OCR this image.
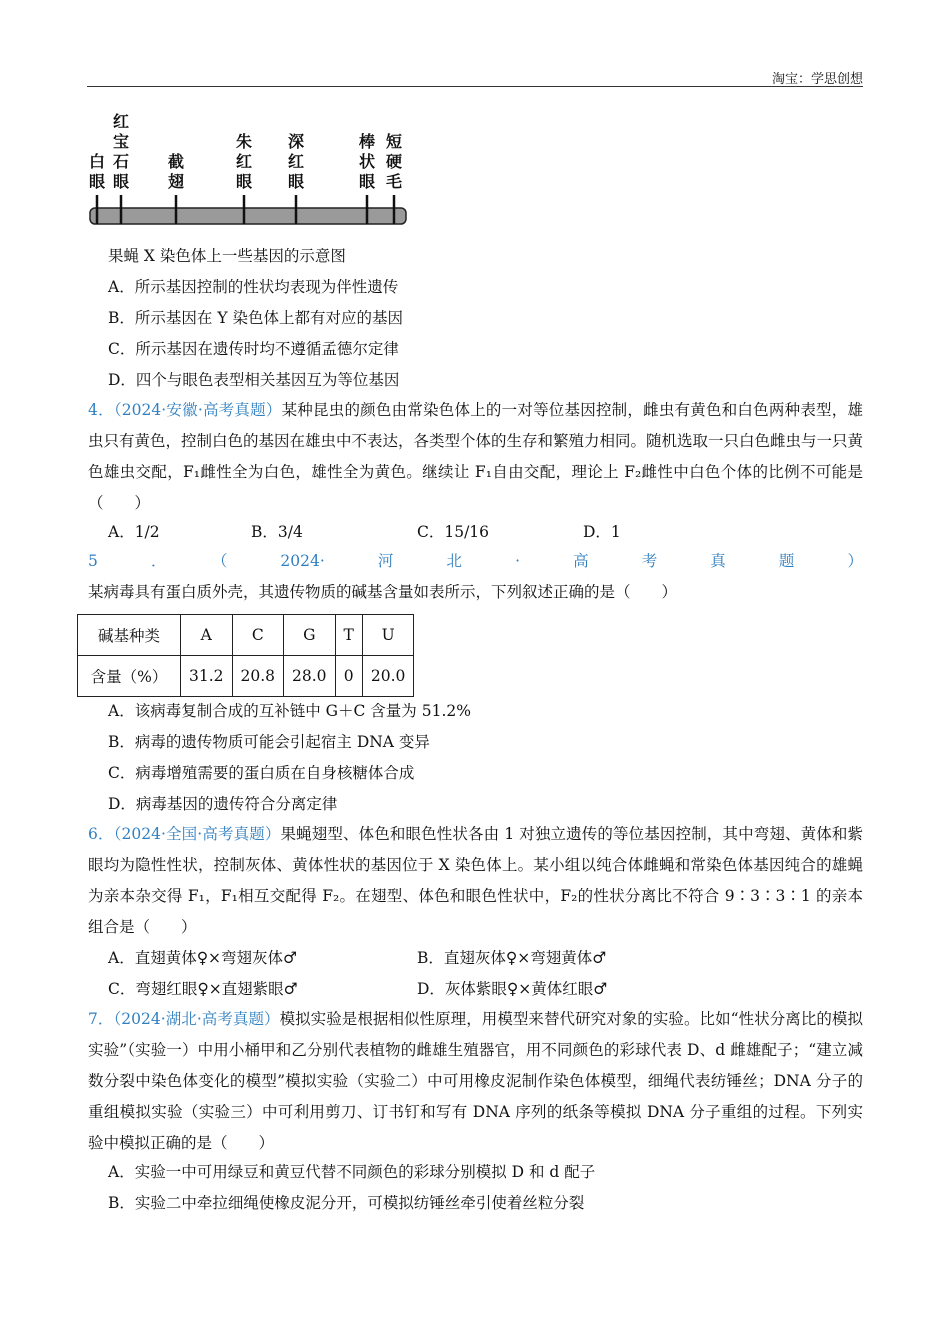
淘宝：学思创想
白
眼
红
宝
石
眼
截
翅
朱
红
眼
深
红
眼
棒
状
眼
短
硬
毛
果蝇 X 染色体上一些基因的示意图
A．所示基因控制的性状均表现为伴性遗传
B．所示基因在 Y 染色体上都有对应的基因
C．所示基因在遗传时均不遵循孟德尔定律
D．四个与眼色表型相关基因互为等位基因
4．（2024·安徽·高考真题）某种昆虫的颜色由常染色体上的一对等位基因控制，雌虫有黄色和白色两种表型，雄虫只有黄色，控制白色的基因在雄虫中不表达，各类型个体的生存和繁殖力相同。随机选取一只白色雌虫与一只黄色雄虫交配，F₁雌性全为白色，雄性全为黄色。继续让 F₁自由交配，理论上 F₂雌性中白色个体的比例不可能是（　　）
A．1/2	B．3/4	C．15/16	D．1
5．（2024·河北·高考真题）某病毒具有蛋白质外壳，其遗传物质的碱基含量如表所示，下列叙述正确的是（　　）
碱基种类	A	C	G	T	U
含量（%）	31.2	20.8	28.0	0	20.0
A．该病毒复制合成的互补链中 G＋C 含量为 51.2%
B．病毒的遗传物质可能会引起宿主 DNA 变异
C．病毒增殖需要的蛋白质在自身核糖体合成
D．病毒基因的遗传符合分离定律
6．（2024·全国·高考真题）果蝇翅型、体色和眼色性状各由 1 对独立遗传的等位基因控制，其中弯翅、黄体和紫眼均为隐性性状，控制灰体、黄体性状的基因位于 X 染色体上。某小组以纯合体雌蝇和常染色体基因纯合的雄蝇为亲本杂交得 F₁，F₁相互交配得 F₂。在翅型、体色和眼色性状中，F₂的性状分离比不符合 9∶3∶3∶1 的亲本组合是（　　）
A．直翅黄体♀×弯翅灰体♂	B．直翅灰体♀×弯翅黄体♂
C．弯翅红眼♀×直翅紫眼♂	D．灰体紫眼♀×黄体红眼♂
7．（2024·湖北·高考真题）模拟实验是根据相似性原理，用模型来替代研究对象的实验。比如“性状分离比的模拟实验”（实验一）中用小桶甲和乙分别代表植物的雌雄生殖器官，用不同颜色的彩球代表 D、d 雌雄配子；“建立减数分裂中染色体变化的模型”模拟实验（实验二）中可用橡皮泥制作染色体模型，细绳代表纺锤丝；DNA 分子的重组模拟实验（实验三）中可利用剪刀、订书钉和写有 DNA 序列的纸条等模拟 DNA 分子重组的过程。下列实验中模拟正确的是（　　）
A．实验一中可用绿豆和黄豆代替不同颜色的彩球分别模拟 D 和 d 配子
B．实验二中牵拉细绳使橡皮泥分开，可模拟纺锤丝牵引使着丝粒分裂
